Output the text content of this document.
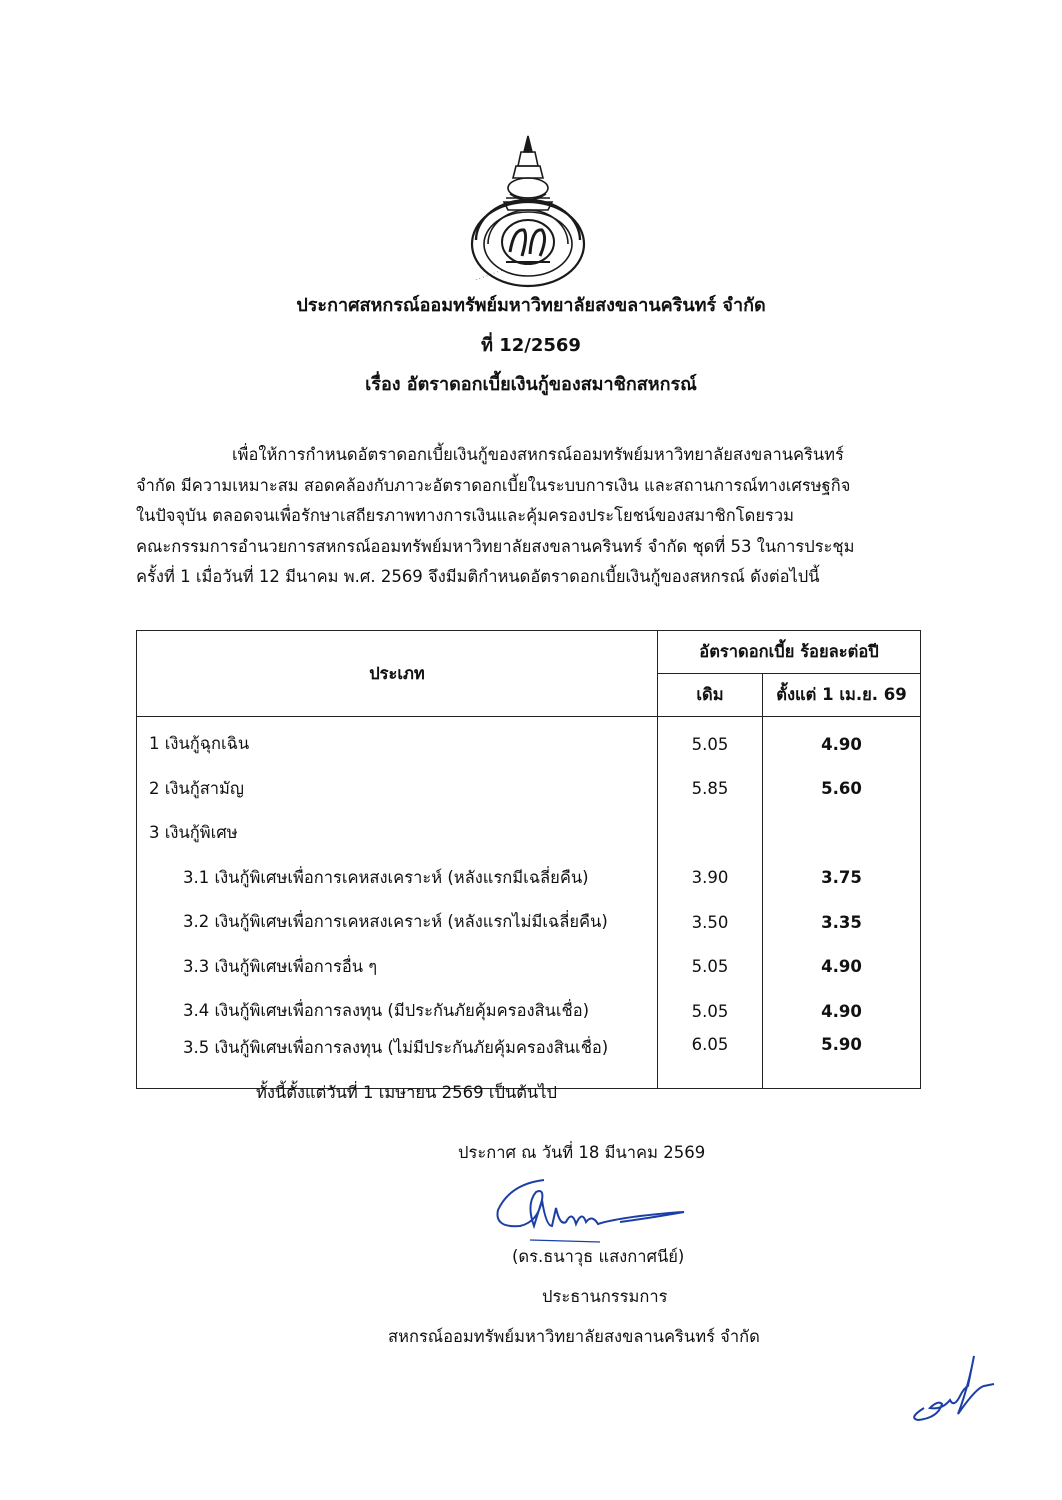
· · · · · · · ·
ประกาศสหกรณ์ออมทรัพย์มหาวิทยาลัยสงขลานครินทร์ จำกัด
ที่ 12/2569
เรื่อง อัตราดอกเบี้ยเงินกู้ของสมาชิกสหกรณ์

เพื่อให้การกำหนดอัตราดอกเบี้ยเงินกู้ของสหกรณ์ออมทรัพย์มหาวิทยาลัยสงขลานครินทร์

จำกัด มีความเหมาะสม สอดคล้องกับภาวะอัตราดอกเบี้ยในระบบการเงิน และสถานการณ์ทางเศรษฐกิจ

ในปัจจุบัน ตลอดจนเพื่อรักษาเสถียรภาพทางการเงินและคุ้มครองประโยชน์ของสมาชิกโดยรวม

คณะกรรมการอำนวยการสหกรณ์ออมทรัพย์มหาวิทยาลัยสงขลานครินทร์ จำกัด ชุดที่ 53 ในการประชุม

ครั้งที่ 1 เมื่อวันที่ 12 มีนาคม พ.ศ. 2569 จึงมีมติกำหนดอัตราดอกเบี้ยเงินกู้ของสหกรณ์ ดังต่อไปนี้

ประเภท	อัตราดอกเบี้ย ร้อยละต่อปี	
	เดิม	ตั้งแต่ 1 เม.ย. 69
1 เงินกู้ฉุกเฉิน	5.05	4.90
2 เงินกู้สามัญ	5.85	5.60
3 เงินกู้พิเศษ		
3.1 เงินกู้พิเศษเพื่อการเคหสงเคราะห์ (หลังแรกมีเฉลี่ยคืน)	3.90	3.75
3.2 เงินกู้พิเศษเพื่อการเคหสงเคราะห์ (หลังแรกไม่มีเฉลี่ยคืน)	3.50	3.35
3.3 เงินกู้พิเศษเพื่อการอื่น ๆ	5.05	4.90
3.4 เงินกู้พิเศษเพื่อการลงทุน (มีประกันภัยคุ้มครองสินเชื่อ)	5.05	4.90
3.5 เงินกู้พิเศษเพื่อการลงทุน (ไม่มีประกันภัยคุ้มครองสินเชื่อ)	6.05	5.90
ทั้งนี้ตั้งแต่วันที่ 1 เมษายน 2569 เป็นต้นไป
ประกาศ ณ วันที่ 18 มีนาคม 2569
(ดร.ธนาวุธ แสงกาศนีย์)
ประธานกรรมการ
สหกรณ์ออมทรัพย์มหาวิทยาลัยสงขลานครินทร์ จำกัด
